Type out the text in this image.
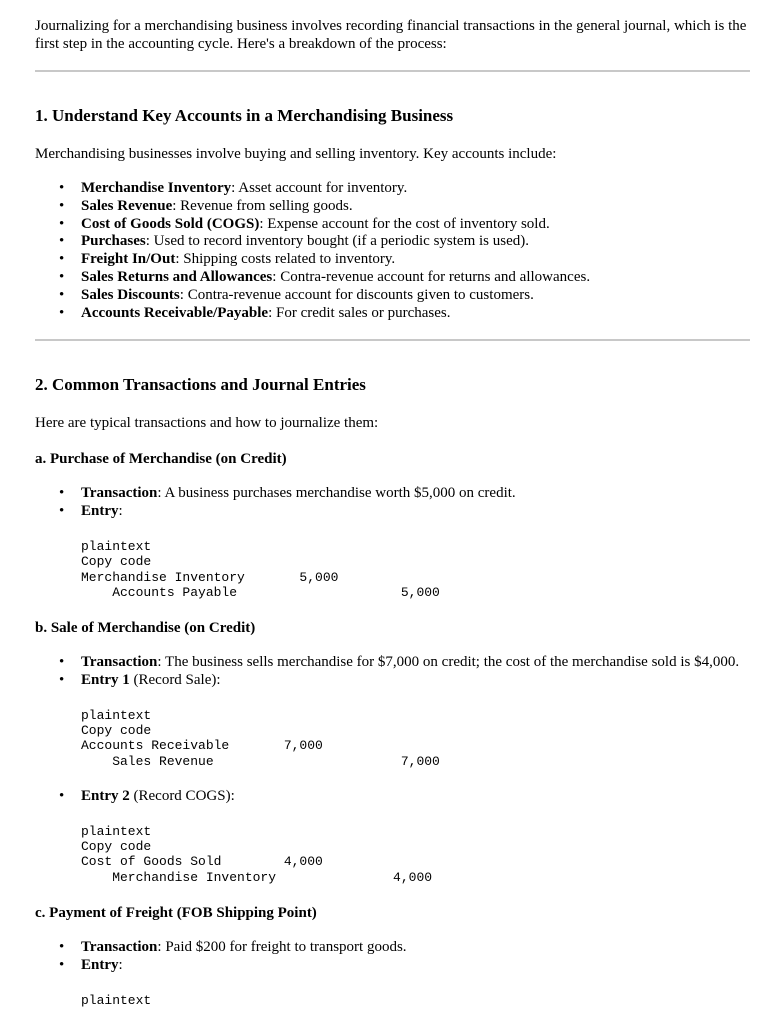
Journalizing for a merchandising business involves recording financial transactions in the general journal, which is the first step in the accounting cycle. Here's a breakdown of the process:

1. Understand Key Accounts in a Merchandising Business

Merchandising businesses involve buying and selling inventory. Key accounts include:

• Merchandise Inventory: Asset account for inventory.
• Sales Revenue: Revenue from selling goods.
• Cost of Goods Sold (COGS): Expense account for the cost of inventory sold.
• Purchases: Used to record inventory bought (if a periodic system is used).
• Freight In/Out: Shipping costs related to inventory.
• Sales Returns and Allowances: Contra-revenue account for returns and allowances.
• Sales Discounts: Contra-revenue account for discounts given to customers.
• Accounts Receivable/Payable: For credit sales or purchases.
2. Common Transactions and Journal Entries

Here are typical transactions and how to journalize them:

a. Purchase of Merchandise (on Credit)
• Transaction: A business purchases merchandise worth $5,000 on credit.
• Entry:
plaintext
Copy code
Merchandise Inventory       5,000
Accounts Payable                     5,000
b. Sale of Merchandise (on Credit)
• Transaction: The business sells merchandise for $7,000 on credit; the cost of the merchandise sold is $4,000.
• Entry 1 (Record Sale):
plaintext
Copy code
Accounts Receivable       7,000
Sales Revenue                        7,000
• Entry 2 (Record COGS):
plaintext
Copy code
Cost of Goods Sold        4,000
Merchandise Inventory               4,000
c. Payment of Freight (FOB Shipping Point)
• Transaction: Paid $200 for freight to transport goods.
• Entry:
plaintext
